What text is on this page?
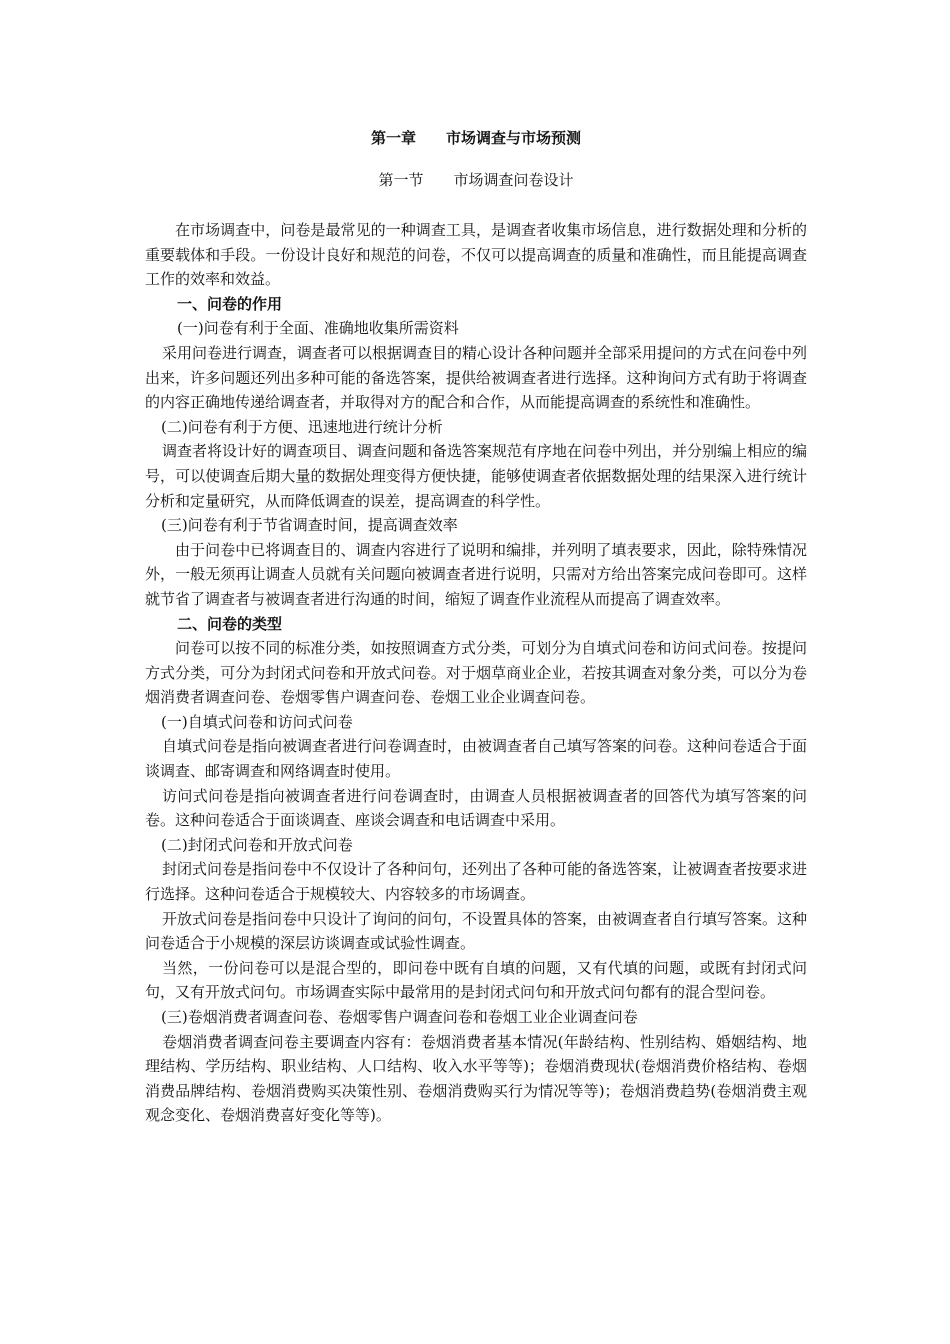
第一章　　市场调查与市场预测
第一节　　市场调查问卷设计

在市场调查中，问卷是最常见的一种调查工具，是调查者收集市场信息，进行数据处理和分析的重要载体和手段。一份设计良好和规范的问卷，不仅可以提高调查的质量和准确性，而且能提高调查工作的效率和效益。

一、问卷的作用
(一)问卷有利于全面、准确地收集所需资料

采用问卷进行调查，调查者可以根据调查目的精心设计各种问题并全部采用提问的方式在问卷中列出来，许多问题还列出多种可能的备选答案，提供给被调查者进行选择。这种询问方式有助于将调查的内容正确地传递给调查者，并取得对方的配合和合作，从而能提高调查的系统性和准确性。

(二)问卷有利于方便、迅速地进行统计分析

调查者将设计好的调查项目、调查问题和备选答案规范有序地在问卷中列出，并分别编上相应的编号，可以使调查后期大量的数据处理变得方便快捷，能够使调查者依据数据处理的结果深入进行统计分析和定量研究，从而降低调查的误差，提高调查的科学性。

(三)问卷有利于节省调查时间，提高调查效率

由于问卷中已将调查目的、调查内容进行了说明和编排，并列明了填表要求，因此，除特殊情况外，一般无须再让调查人员就有关问题向被调查者进行说明，只需对方给出答案完成问卷即可。这样就节省了调查者与被调查者进行沟通的时间，缩短了调查作业流程从而提高了调查效率。

二、问卷的类型

问卷可以按不同的标准分类，如按照调查方式分类，可划分为自填式问卷和访问式问卷。按提问方式分类，可分为封闭式问卷和开放式问卷。对于烟草商业企业，若按其调查对象分类，可以分为卷烟消费者调查问卷、卷烟零售户调查问卷、卷烟工业企业调查问卷。

(一)自填式问卷和访问式问卷

自填式问卷是指向被调查者进行问卷调查时，由被调查者自己填写答案的问卷。这种问卷适合于面谈调查、邮寄调查和网络调查时使用。

访问式问卷是指向被调查者进行问卷调查时，由调查人员根据被调查者的回答代为填写答案的问卷。这种问卷适合于面谈调查、座谈会调查和电话调查中采用。

(二)封闭式问卷和开放式问卷

封闭式问卷是指问卷中不仅设计了各种问句，还列出了各种可能的备选答案，让被调查者按要求进行选择。这种问卷适合于规模较大、内容较多的市场调查。

开放式问卷是指问卷中只设计了询问的问句，不设置具体的答案，由被调查者自行填写答案。这种问卷适合于小规模的深层访谈调查或试验性调查。

当然，一份问卷可以是混合型的，即问卷中既有自填的问题，又有代填的问题，或既有封闭式问句，又有开放式问句。市场调查实际中最常用的是封闭式问句和开放式问句都有的混合型问卷。

(三)卷烟消费者调查问卷、卷烟零售户调查问卷和卷烟工业企业调查问卷

卷烟消费者调查问卷主要调查内容有：卷烟消费者基本情况(年龄结构、性别结构、婚姻结构、地理结构、学历结构、职业结构、人口结构、收入水平等等)；卷烟消费现状(卷烟消费价格结构、卷烟消费品牌结构、卷烟消费购买决策性别、卷烟消费购买行为情况等等)；卷烟消费趋势(卷烟消费主观观念变化、卷烟消费喜好变化等等)。
